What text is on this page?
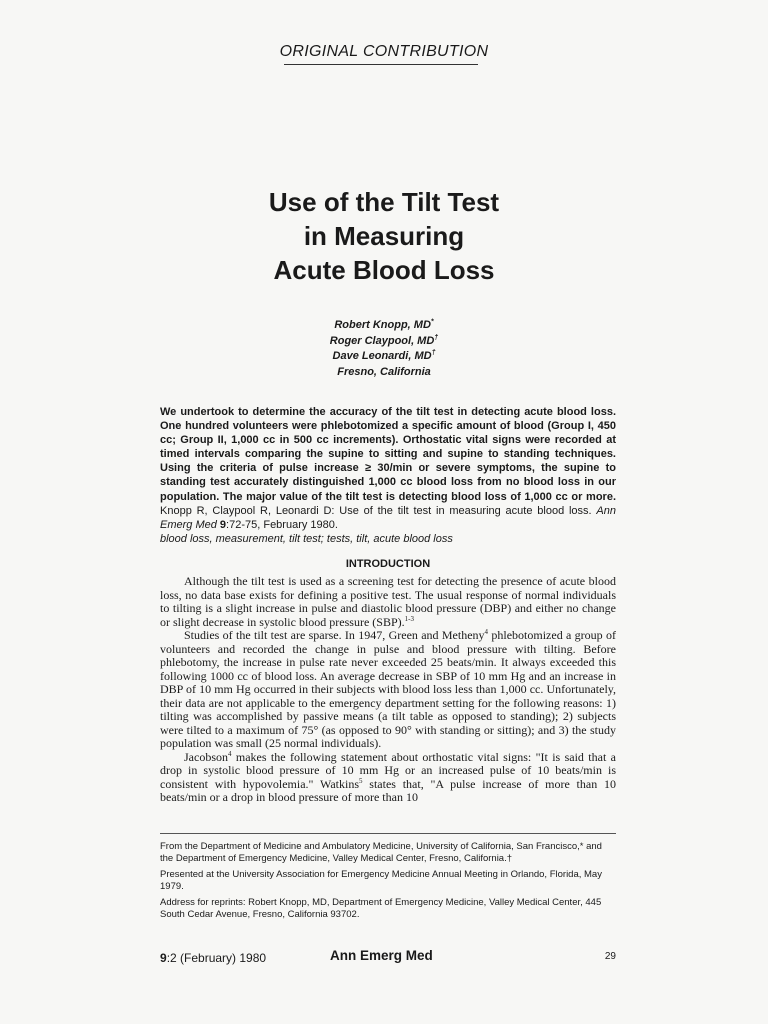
ORIGINAL CONTRIBUTION
Use of the Tilt Test
in Measuring
Acute Blood Loss
Robert Knopp, MD*
Roger Claypool, MD†
Dave Leonardi, MD†
Fresno, California
We undertook to determine the accuracy of the tilt test in detecting acute blood loss. One hundred volunteers were phlebotomized a specific amount of blood (Group I, 450 cc; Group II, 1,000 cc in 500 cc increments). Orthostatic vital signs were recorded at timed intervals comparing the supine to sitting and supine to standing techniques. Using the criteria of pulse increase ≥ 30/min or severe symptoms, the supine to standing test accurately distinguished 1,000 cc blood loss from no blood loss in our population. The major value of the tilt test is detecting blood loss of 1,000 cc or more. Knopp R, Claypool R, Leonardi D: Use of the tilt test in measuring acute blood loss. Ann Emerg Med 9:72-75, February 1980.
blood loss, measurement, tilt test; tests, tilt, acute blood loss
INTRODUCTION

Although the tilt test is used as a screening test for detecting the presence of acute blood loss, no data base exists for defining a positive test. The usual response of normal individuals to tilting is a slight increase in pulse and diastolic blood pressure (DBP) and either no change or slight decrease in systolic blood pressure (SBP).$^{1-3}$

Studies of the tilt test are sparse. In 1947, Green and Metheny$^4$ phlebotomized a group of volunteers and recorded the change in pulse and blood pressure with tilting. Before phlebotomy, the increase in pulse rate never exceeded 25 beats/min. It always exceeded this following 1000 cc of blood loss. An average decrease in SBP of 10 mm Hg and an increase in DBP of 10 mm Hg occurred in their subjects with blood loss less than 1,000 cc. Unfortunately, their data are not applicable to the emergency department setting for the following reasons: 1) tilting was accomplished by passive means (a tilt table as opposed to standing); 2) subjects were tilted to a maximum of 75° (as opposed to 90° with standing or sitting); and 3) the study population was small (25 normal individuals).

Jacobson$^4$ makes the following statement about orthostatic vital signs: "It is said that a drop in systolic blood pressure of 10 mm Hg or an increased pulse of 10 beats/min is consistent with hypovolemia." Watkins$^5$ states that, "A pulse increase of more than 10 beats/min or a drop in blood pressure of more than 10

From the Department of Medicine and Ambulatory Medicine, University of California, San Francisco,* and the Department of Emergency Medicine, Valley Medical Center, Fresno, California.†

Presented at the University Association for Emergency Medicine Annual Meeting in Orlando, Florida, May 1979.

Address for reprints: Robert Knopp, MD, Department of Emergency Medicine, Valley Medical Center, 445 South Cedar Avenue, Fresno, California 93702.

9:2 (February) 1980	Ann Emerg Med	29
